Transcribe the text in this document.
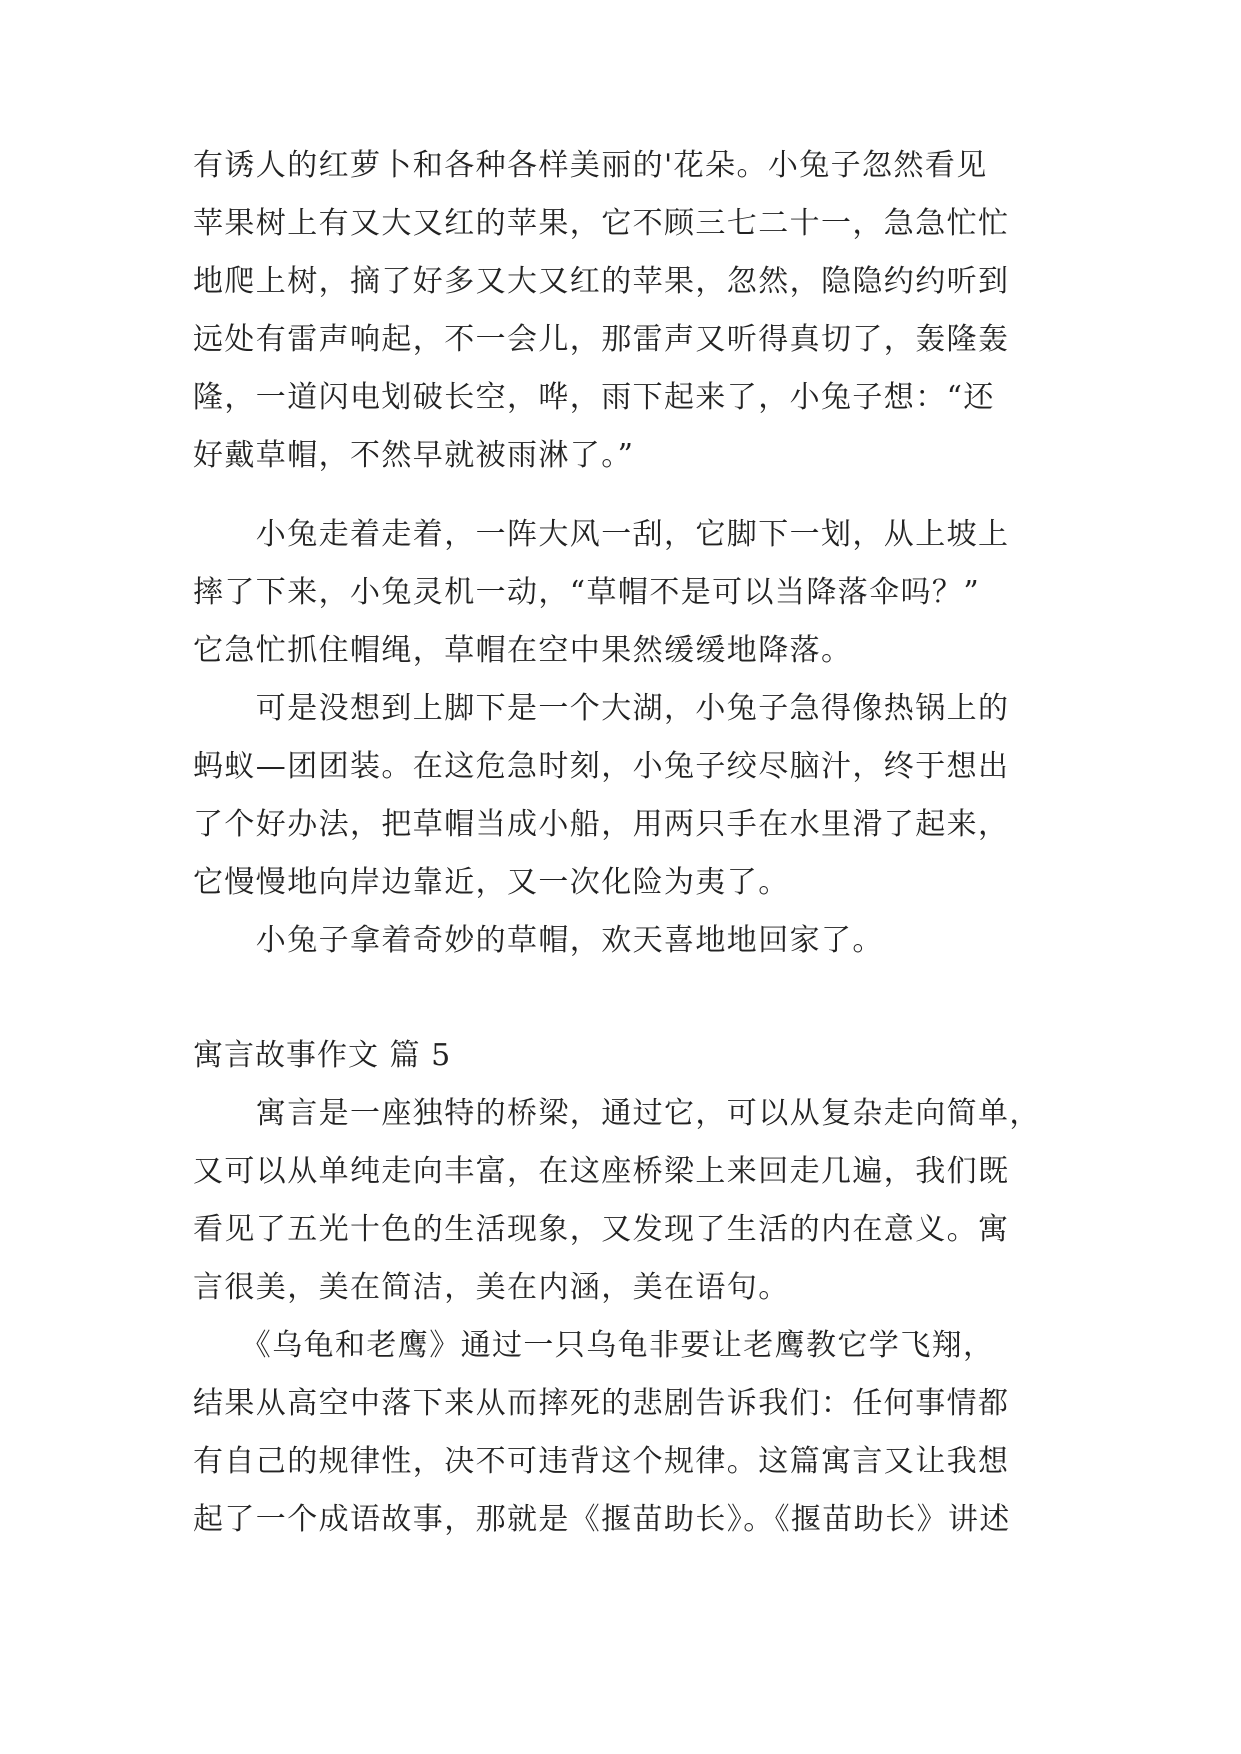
有诱人的红萝卜和各种各样美丽的'花朵。小兔子忽然看见
苹果树上有又大又红的苹果，它不顾三七二十一，急急忙忙
地爬上树，摘了好多又大又红的苹果，忽然，隐隐约约听到
远处有雷声响起，不一会儿，那雷声又听得真切了，轰隆轰
隆，一道闪电划破长空，哗，雨下起来了，小兔子想：“还
好戴草帽，不然早就被雨淋了。”
　　小兔走着走着，一阵大风一刮，它脚下一划，从上坡上
摔了下来，小兔灵机一动，“草帽不是可以当降落伞吗？”
它急忙抓住帽绳，草帽在空中果然缓缓地降落。
　　可是没想到上脚下是一个大湖，小兔子急得像热锅上的
蚂蚁—团团装。在这危急时刻，小兔子绞尽脑汁，终于想出
了个好办法，把草帽当成小船，用两只手在水里滑了起来，
它慢慢地向岸边靠近，又一次化险为夷了。
　　小兔子拿着奇妙的草帽，欢天喜地地回家了。
寓言故事作文 篇 5
　　寓言是一座独特的桥梁，通过它，可以从复杂走向简单，
又可以从单纯走向丰富，在这座桥梁上来回走几遍，我们既
看见了五光十色的生活现象，又发现了生活的内在意义。寓
言很美，美在简洁，美在内涵，美在语句。
　　《乌龟和老鹰》通过一只乌龟非要让老鹰教它学飞翔，
结果从高空中落下来从而摔死的悲剧告诉我们：任何事情都
有自己的规律性，决不可违背这个规律。这篇寓言又让我想
起了一个成语故事，那就是《揠苗助长》。《揠苗助长》讲述
